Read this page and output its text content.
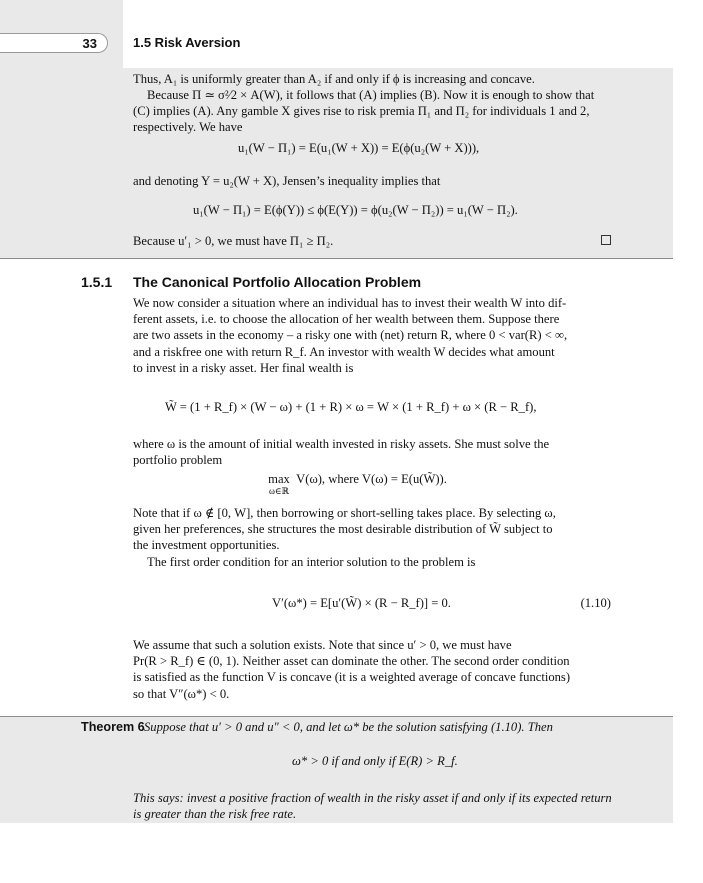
33	1.5 Risk Aversion
Thus, A₁ is uniformly greater than A₂ if and only if ϕ is increasing and concave.
Because Π ≃ σ²⁄2 × A(W), it follows that (A) implies (B). Now it is enough to show that
(C) implies (A). Any gamble X gives rise to risk premia Π₁ and Π₂ for individuals 1 and 2,
respectively. We have
u₁(W − Π₁) = E(u₁(W + X)) = E(ϕ(u₂(W + X))),
and denoting Y = u₂(W + X), Jensen’s inequality implies that
u₁(W − Π₁) = E(ϕ(Y)) ≤ ϕ(E(Y)) = ϕ(u₂(W − Π₂)) = u₁(W − Π₂).
Because u′₁ > 0, we must have Π₁ ≥ Π₂.
1.5.1 The Canonical Portfolio Allocation Problem
We now consider a situation where an individual has to invest their wealth W into dif-
ferent assets, i.e. to choose the allocation of her wealth between them. Suppose there
are two assets in the economy – a risky one with (net) return R, where 0 < var(R) < ∞,
and a riskfree one with return R_f. An investor with wealth W decides what amount
to invest in a risky asset. Her final wealth is
W̃ = (1 + R_f) × (W − ω) + (1 + R) × ω = W × (1 + R_f) + ω × (R − R_f),
where ω is the amount of initial wealth invested in risky assets. She must solve the
portfolio problem
max
ω∈ℝ
V(ω), where V(ω) = E(u(W̃)).
Note that if ω ∉ [0, W], then borrowing or short-selling takes place. By selecting ω,
given her preferences, she structures the most desirable distribution of W̃ subject to
the investment opportunities.
The first order condition for an interior solution to the problem is
V′(ω*) = E[u′(W̃) × (R − R_f)] = 0.	(1.10)
We assume that such a solution exists. Note that since u′ > 0, we must have
Pr(R > R_f) ∈ (0, 1). Neither asset can dominate the other. The second order condition
is satisfied as the function V is concave (it is a weighted average of concave functions)
so that V″(ω*) < 0.
Theorem 6 Suppose that u′ > 0 and u″ < 0, and let ω* be the solution satisfying (1.10). Then
ω* > 0 if and only if E(R) > R_f.
This says: invest a positive fraction of wealth in the risky asset if and only if its expected return
is greater than the risk free rate.
